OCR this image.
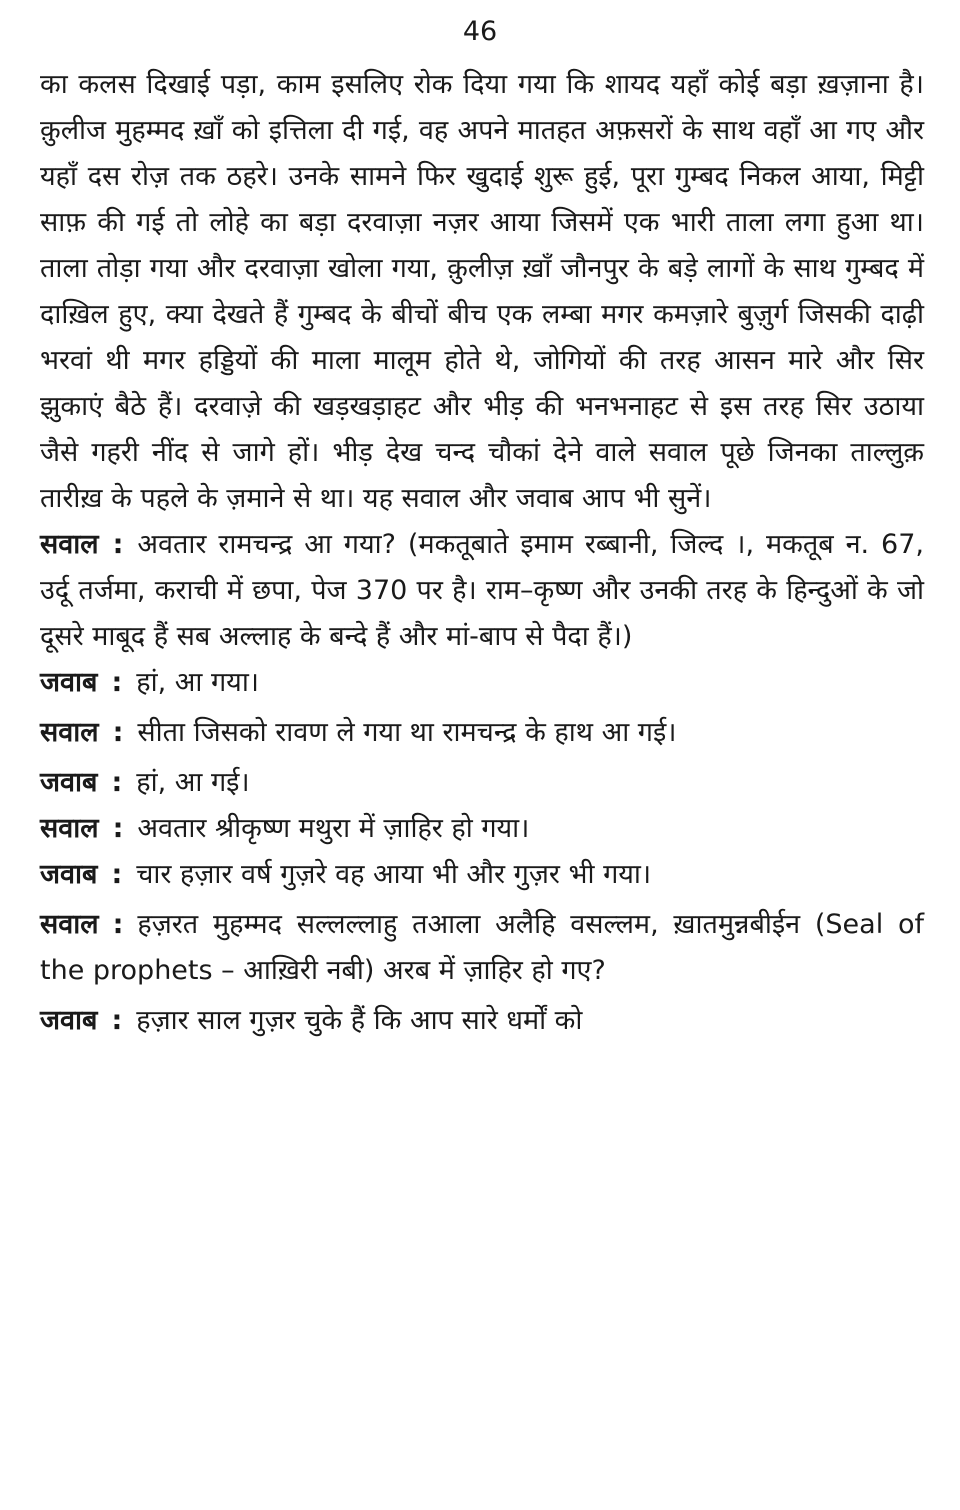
46

का कलस दिखाई पड़ा, काम इसलिए रोक दिया गया कि शायद यहाँ कोई बड़ा ख़ज़ाना है। क़ुलीज मुहम्मद ख़ाँ को इत्तिला दी गई, वह अपने मातहत अफ़सरों के साथ वहाँ आ गए और यहाँ दस रोज़ तक ठहरे। उनके सामने फिर खुदाई शुरू हुई, पूरा गुम्बद निकल आया, मिट्टी साफ़ की गई तो लोहे का बड़ा दरवाज़ा नज़र आया जिसमें एक भारी ताला लगा हुआ था। ताला तोड़ा गया और दरवाज़ा खोला गया, क़ुलीज़ ख़ाँ जौनपुर के बड़े लागों के साथ गुम्बद में दाख़िल हुए, क्या देखते हैं गुम्बद के बीचों बीच एक लम्बा मगर कमज़ारे बुज़ुर्ग जिसकी दाढ़ी भरवां थी मगर हड्डियों की माला मालूम होते थे, जोगियों की तरह आसन मारे और सिर झुकाएं बैठे हैं। दरवाज़े की खड़खड़ाहट और भीड़ की भनभनाहट से इस तरह सिर उठाया जैसे गहरी नींद से जागे हों। भीड़ देख चन्द चौकां देने वाले सवाल पूछे जिनका ताल्लुक़ तारीख़ के पहले के ज़माने से था। यह सवाल और जवाब आप भी सुनें।

सवाल : अवतार रामचन्द्र आ गया? (मकतूबाते इमाम रब्बानी, जिल्द ।, मकतूब न. 67, उर्दू तर्जमा, कराची में छपा, पेज 370 पर है। राम–कृष्ण और उनकी तरह के हिन्दुओं के जो दूसरे माबूद हैं सब अल्लाह के बन्दे हैं और मां-बाप से पैदा हैं।)

जवाब : हां, आ गया।

सवाल : सीता जिसको रावण ले गया था रामचन्द्र के हाथ आ गई।

जवाब : हां, आ गई।

सवाल : अवतार श्रीकृष्ण मथुरा में ज़ाहिर हो गया।

जवाब : चार हज़ार वर्ष गुज़रे वह आया भी और गुज़र भी गया।

सवाल : हज़रत मुहम्मद सल्लल्लाहु तआला अलैहि वसल्लम, ख़ातमुन्नबीईन (Seal of the prophets – आख़िरी नबी) अरब में ज़ाहिर हो गए?

जवाब : हज़ार साल गुज़र चुके हैं कि आप सारे धर्मों को
